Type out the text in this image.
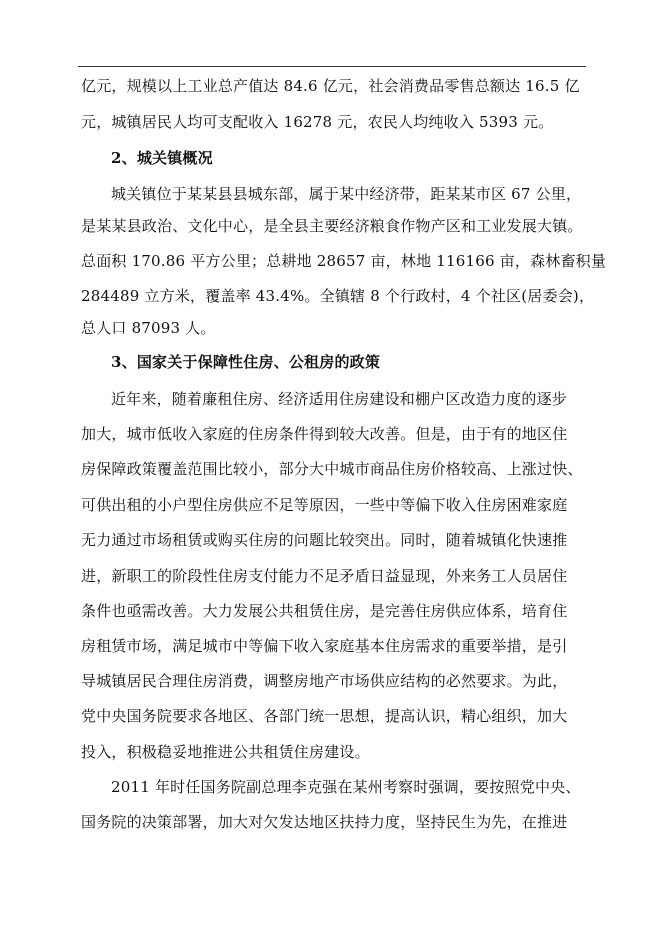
亿元，规模以上工业总产值达 84.6 亿元，社会消费品零售总额达 16.5 亿
元，城镇居民人均可支配收入 16278 元，农民人均纯收入 5393 元。
2、城关镇概况
城关镇位于某某县县城东部，属于某中经济带，距某某市区 67 公里，
是某某县政治、文化中心，是全县主要经济粮食作物产区和工业发展大镇。
总面积 170.86 平方公里；总耕地 28657 亩，林地 116166 亩，森林畜积量
284489 立方米，覆盖率 43.4%。全镇辖 8 个行政村，4 个社区(居委会)，
总人口 87093 人。
3、国家关于保障性住房、公租房的政策
近年来，随着廉租住房、经济适用住房建设和棚户区改造力度的逐步
加大，城市低收入家庭的住房条件得到较大改善。但是，由于有的地区住
房保障政策覆盖范围比较小，部分大中城市商品住房价格较高、上涨过快、
可供出租的小户型住房供应不足等原因，一些中等偏下收入住房困难家庭
无力通过市场租赁或购买住房的问题比较突出。同时，随着城镇化快速推
进，新职工的阶段性住房支付能力不足矛盾日益显现，外来务工人员居住
条件也亟需改善。大力发展公共租赁住房，是完善住房供应体系，培育住
房租赁市场，满足城市中等偏下收入家庭基本住房需求的重要举措，是引
导城镇居民合理住房消费，调整房地产市场供应结构的必然要求。为此，
党中央国务院要求各地区、各部门统一思想，提高认识，精心组织，加大
投入，积极稳妥地推进公共租赁住房建设。
2011 年时任国务院副总理李克强在某州考察时强调，要按照党中央、
国务院的决策部署，加大对欠发达地区扶持力度，坚持民生为先，在推进
